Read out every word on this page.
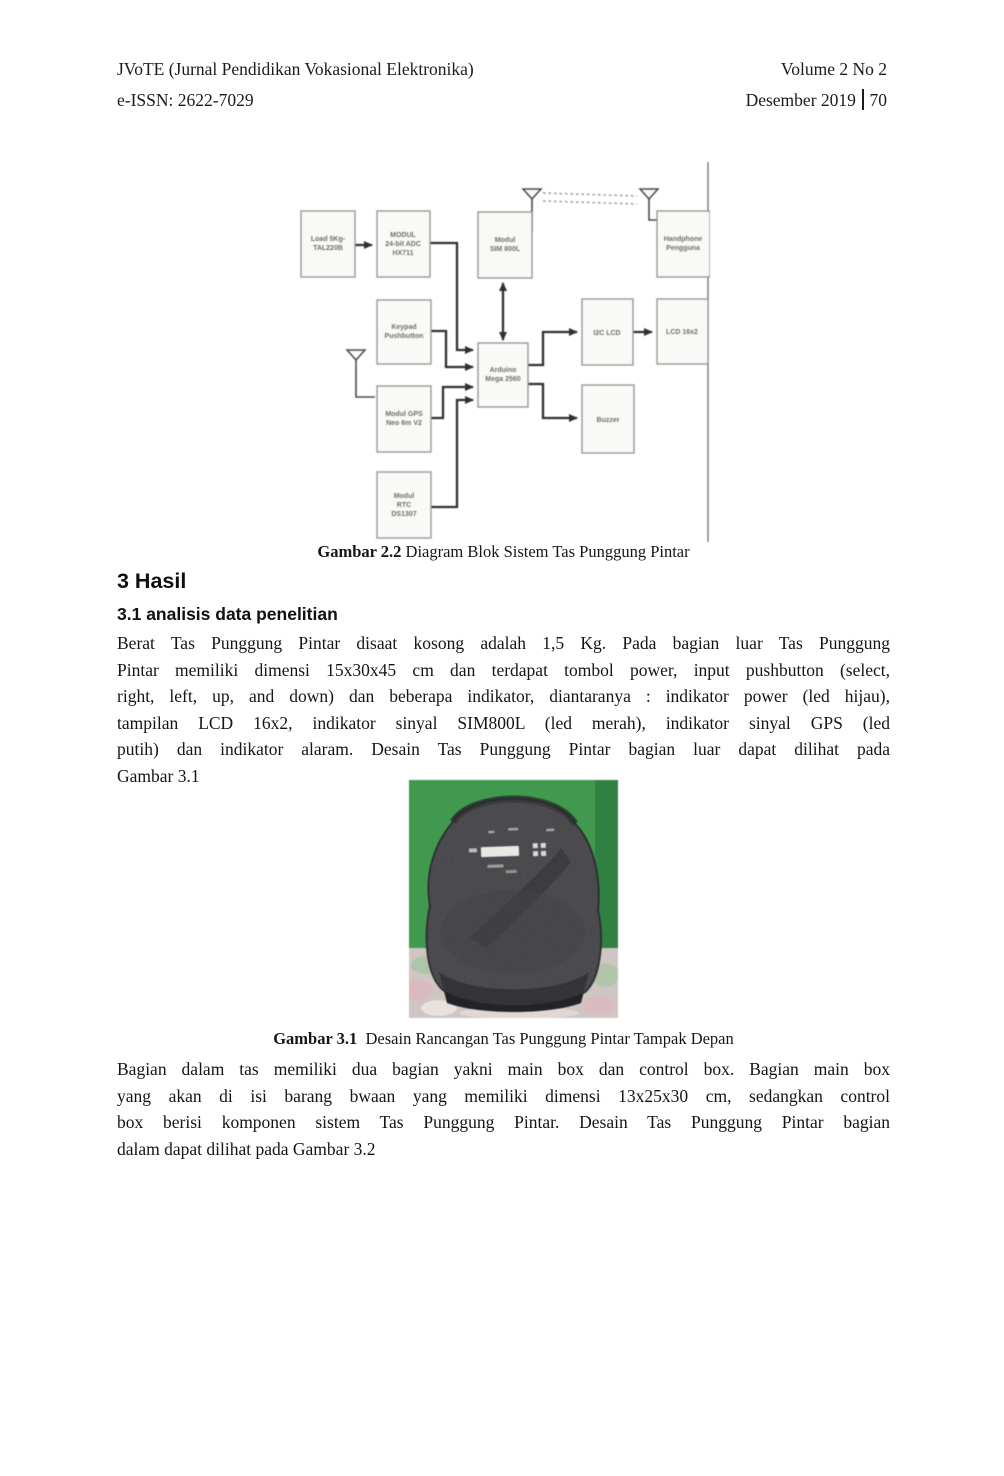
JVoTE (Jurnal Pendidikan Vokasional Elektronika)
e-ISSN: 2622-7029
Volume 2 No 2
Desember 2019 70
Load 5Kg-
TAL220B
MODUL
24-bit ADC
HX711
Modul
SIM 800L
Handphone
Pengguna
Keypad
Pushbutton
Arduino
Mega 2560
I2C LCD	LCD 16x2
Buzzer
Modul GPS
Neo 6m V2
Modul
RTC
DS1307
Gambar 2.2 Diagram Blok Sistem Tas Punggung Pintar
3 Hasil
3.1 analisis data penelitian
Berat Tas Punggung Pintar disaat kosong adalah 1,5 Kg. Pada bagian luar Tas Punggung
Pintar memiliki dimensi 15x30x45 cm dan terdapat tombol power, input pushbutton (select,
right, left, up, and down) dan beberapa indikator, diantaranya : indikator power (led hijau),
tampilan LCD 16x2, indikator sinyal SIM800L (led merah), indikator sinyal GPS (led
putih) dan indikator alaram. Desain Tas Punggung Pintar bagian luar dapat dilihat pada
Gambar 3.1
Gambar 3.1  Desain Rancangan Tas Punggung Pintar Tampak Depan
Bagian dalam tas memiliki dua bagian yakni main box dan control box. Bagian main box
yang akan di isi barang bwaan yang memiliki dimensi 13x25x30 cm, sedangkan control
box berisi komponen sistem Tas Punggung Pintar. Desain Tas Punggung Pintar bagian
dalam dapat dilihat pada Gambar 3.2
